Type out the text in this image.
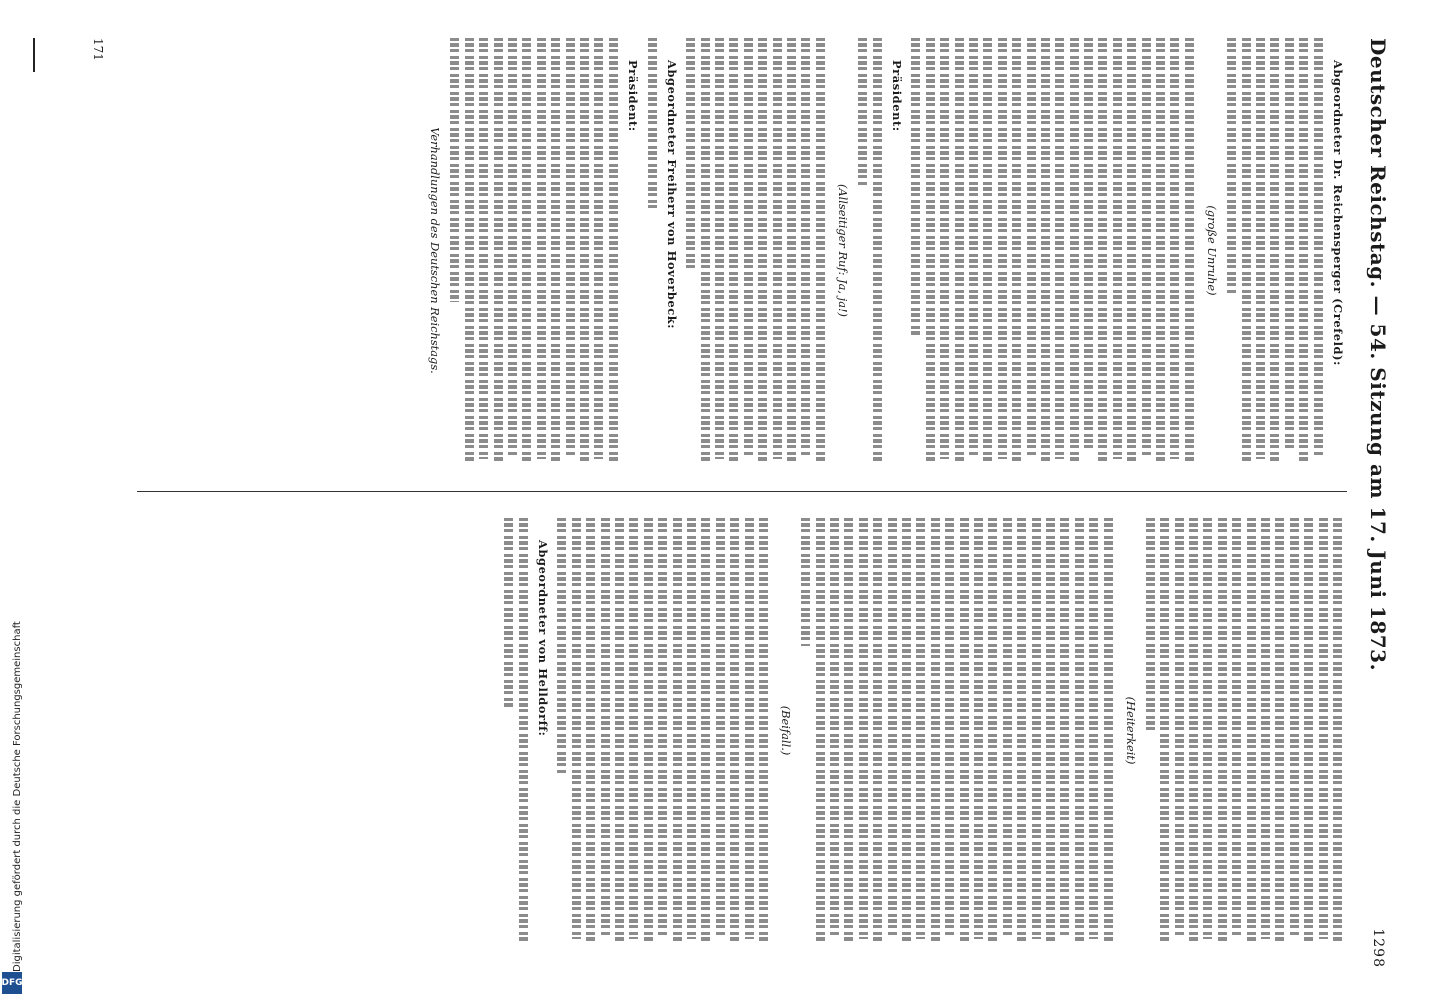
DFG
Digitalisierung gefördert durch die Deutsche Forschungsgemeinschaft
Deutscher Reichstag. — 54. Sitzung am 17. Juni 1873.
1298
Abgeordneter Dr. Reichensperger (Crefeld):
(große Unruhe)
Präsident:
(Allseitiger Ruf: Ja, ja!)
Abgeordneter Freiherr von Hoverbeck:
Präsident:
Verhandlungen des Deutschen Reichstags.
(Heiterkeit)
(Beifall.)
Abgeordneter von Helldorff:
171
